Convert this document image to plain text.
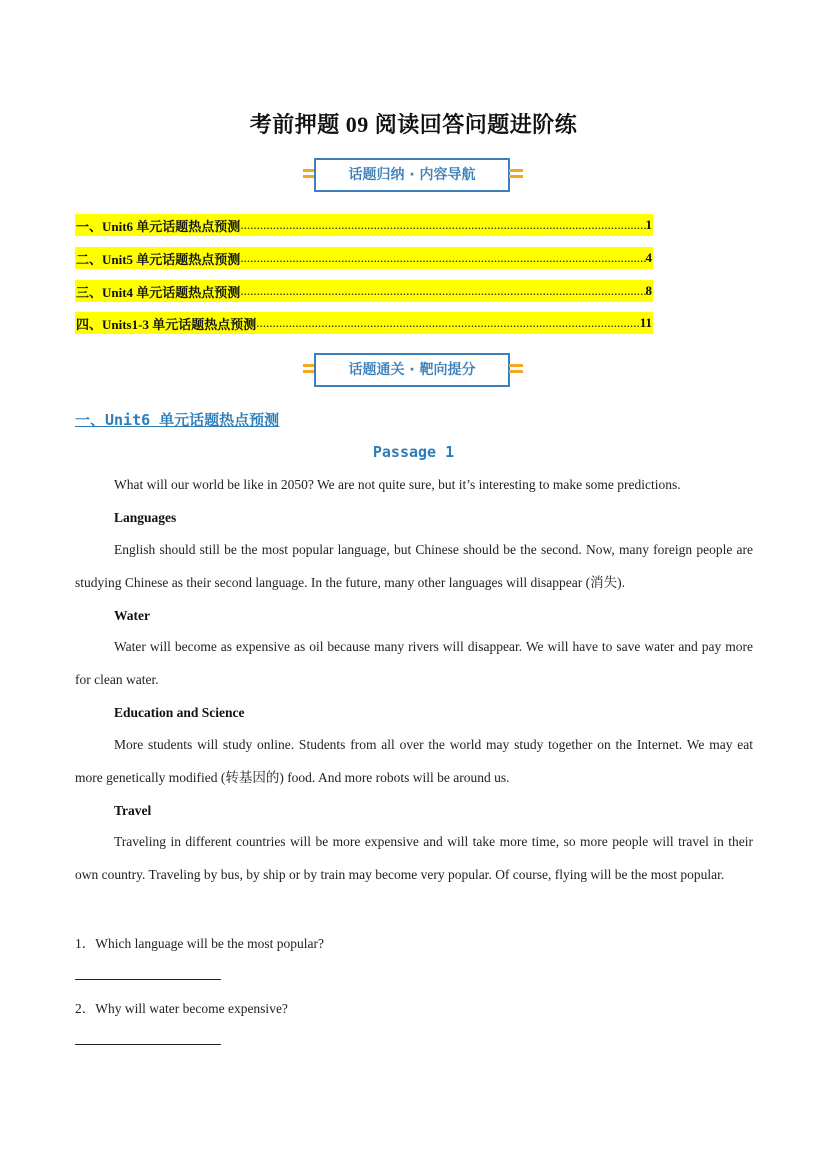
考前押题 09 阅读回答问题进阶练
话题归纳 · 内容导航
一、Unit6 单元话题热点预测 .....	1
二、Unit5 单元话题热点预测 .....	4
三、Unit4 单元话题热点预测 .....	8
四、Units1-3 单元话题热点预测 .....	11
话题通关 · 靶向提分
一、Unit6 单元话题热点预测
Passage 1
What will our world be like in 2050? We are not quite sure, but it’s interesting to make some predictions.
Languages
English should still be the most popular language, but Chinese should be the second. Now, many foreign people are studying Chinese as their second language. In the future, many other languages will disappear (消失).
Water
Water will become as expensive as oil because many rivers will disappear. We will have to save water and pay more for clean water.
Education and Science
More students will study online. Students from all over the world may study together on the Internet. We may eat more genetically modified (转基因的) food. And more robots will be around us.
Travel
Traveling in different countries will be more expensive and will take more time, so more people will travel in their own country. Traveling by bus, by ship or by train may become very popular. Of course, flying will be the most popular.
1．Which language will be the most popular?
2．Why will water become expensive?
